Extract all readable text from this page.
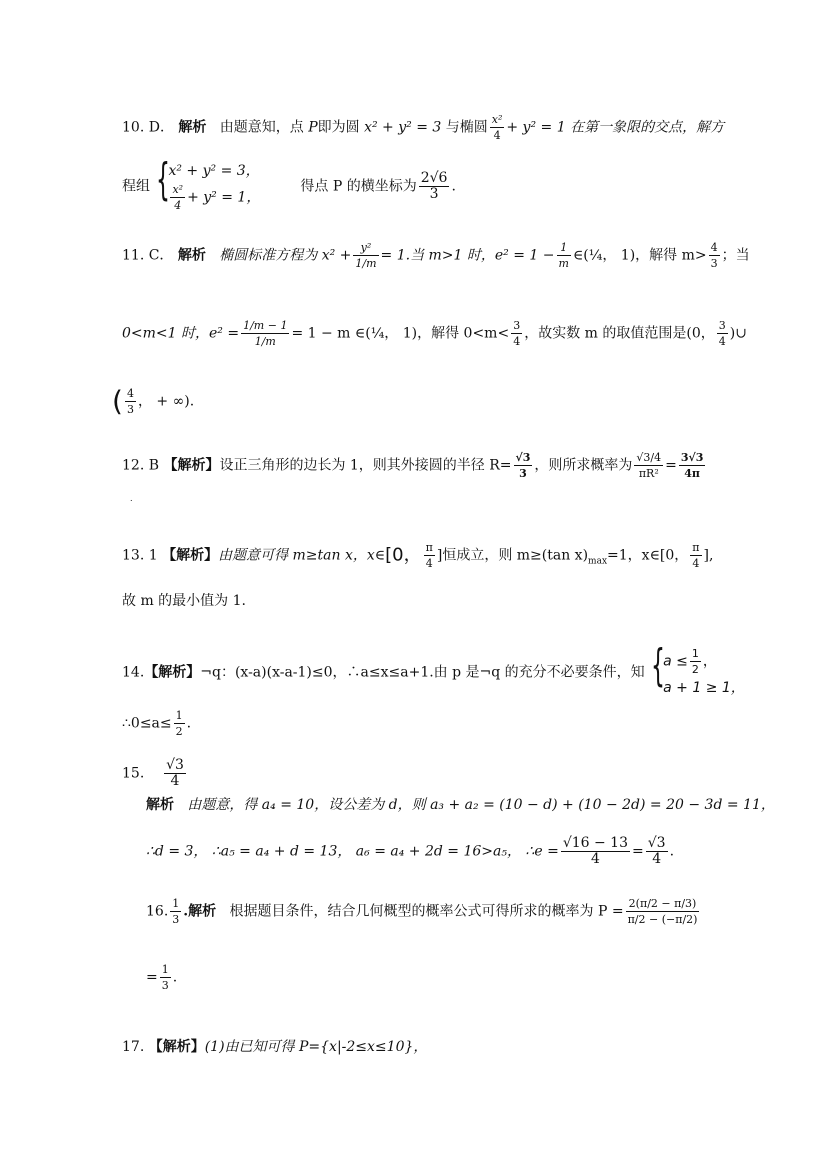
10. D． 解析 由题意知，点 P即为圆 x² + y² = 3 与椭圆 $\frac{\text{x²}}{4} + y^2 = 1$ 在第一象限的交点，解方
程组 {
x² + y² = 3，
$\frac{\text{x²}}{4} + y^2 = 1$，
得点 P 的横坐标为 $\frac{2√6}{3}$ .
11. C． 解析 椭圆标准方程为 $x^2 + \frac{\text{y²}}{1/m} = 1$.当 m>1 时，$e^2 = 1 - \frac{1}{m}$ ∈(¼， 1)，解得 $m> \frac{4}{3}$ ；当
0<m<1 时，$e^2 = \frac{1/m - 1}{1/m} = 1 - m$ ∈(¼， 1)，解得 $0<m< \frac{3}{4}$ ，故实数 m 的取值范围是(0， $\frac{3}{4}$ )∪
( $\frac{4}{3}$ ， + ∞).
12. B 【解析】设正三角形的边长为 1，则其外接圆的半径 $R= \frac{√3}{3}$ ，则所求概率为 $\frac{√3/4}{\text{πR²}} = \frac{3√3}{4\pi}$
.
13. 1 【解析】由题意可得 m≥tan x，x∈[0， $\frac{\pi}{4}$ ]恒成立，则 m≥(tan $x)_{max}=1$，x∈[0， $\frac{\pi}{4}$ ],
故 m 的最小值为 1.
14.【解析】¬q：(x-a)(x-a-1)≤0，∴a≤x≤a+1.由 p 是¬q 的充分不必要条件，知 {
$a \le \frac{1}{2}$ ，
a + 1 ≥ 1，
∴0≤a≤ $\frac{1}{2}$ .
15. $\frac{√3}{4}$
解析 由题意，得 a₄ = 10，设公差为 d，则 a₃ + a₂ = (10 − d) + (10 − 2d) = 20 − 3d = 11，
∴d = 3， ∴a₅ = a₄ + d = 13， a₆ = a₄ + 2d = 16>a₅， ∴e = $\frac{√16 - 13}{4} = \frac{√3}{4}$ .
16. $\frac{1}{3}$ .解析 根据题目条件，结合几何概型的概率公式可得所求的概率为 $P = \frac{2(\pi/2 - \pi/3)}{\pi/2 - (-\pi/2)}$
= $\frac{1}{3}$ .
17. 【解析】(1)由已知可得 P={x|-2≤x≤10}，
